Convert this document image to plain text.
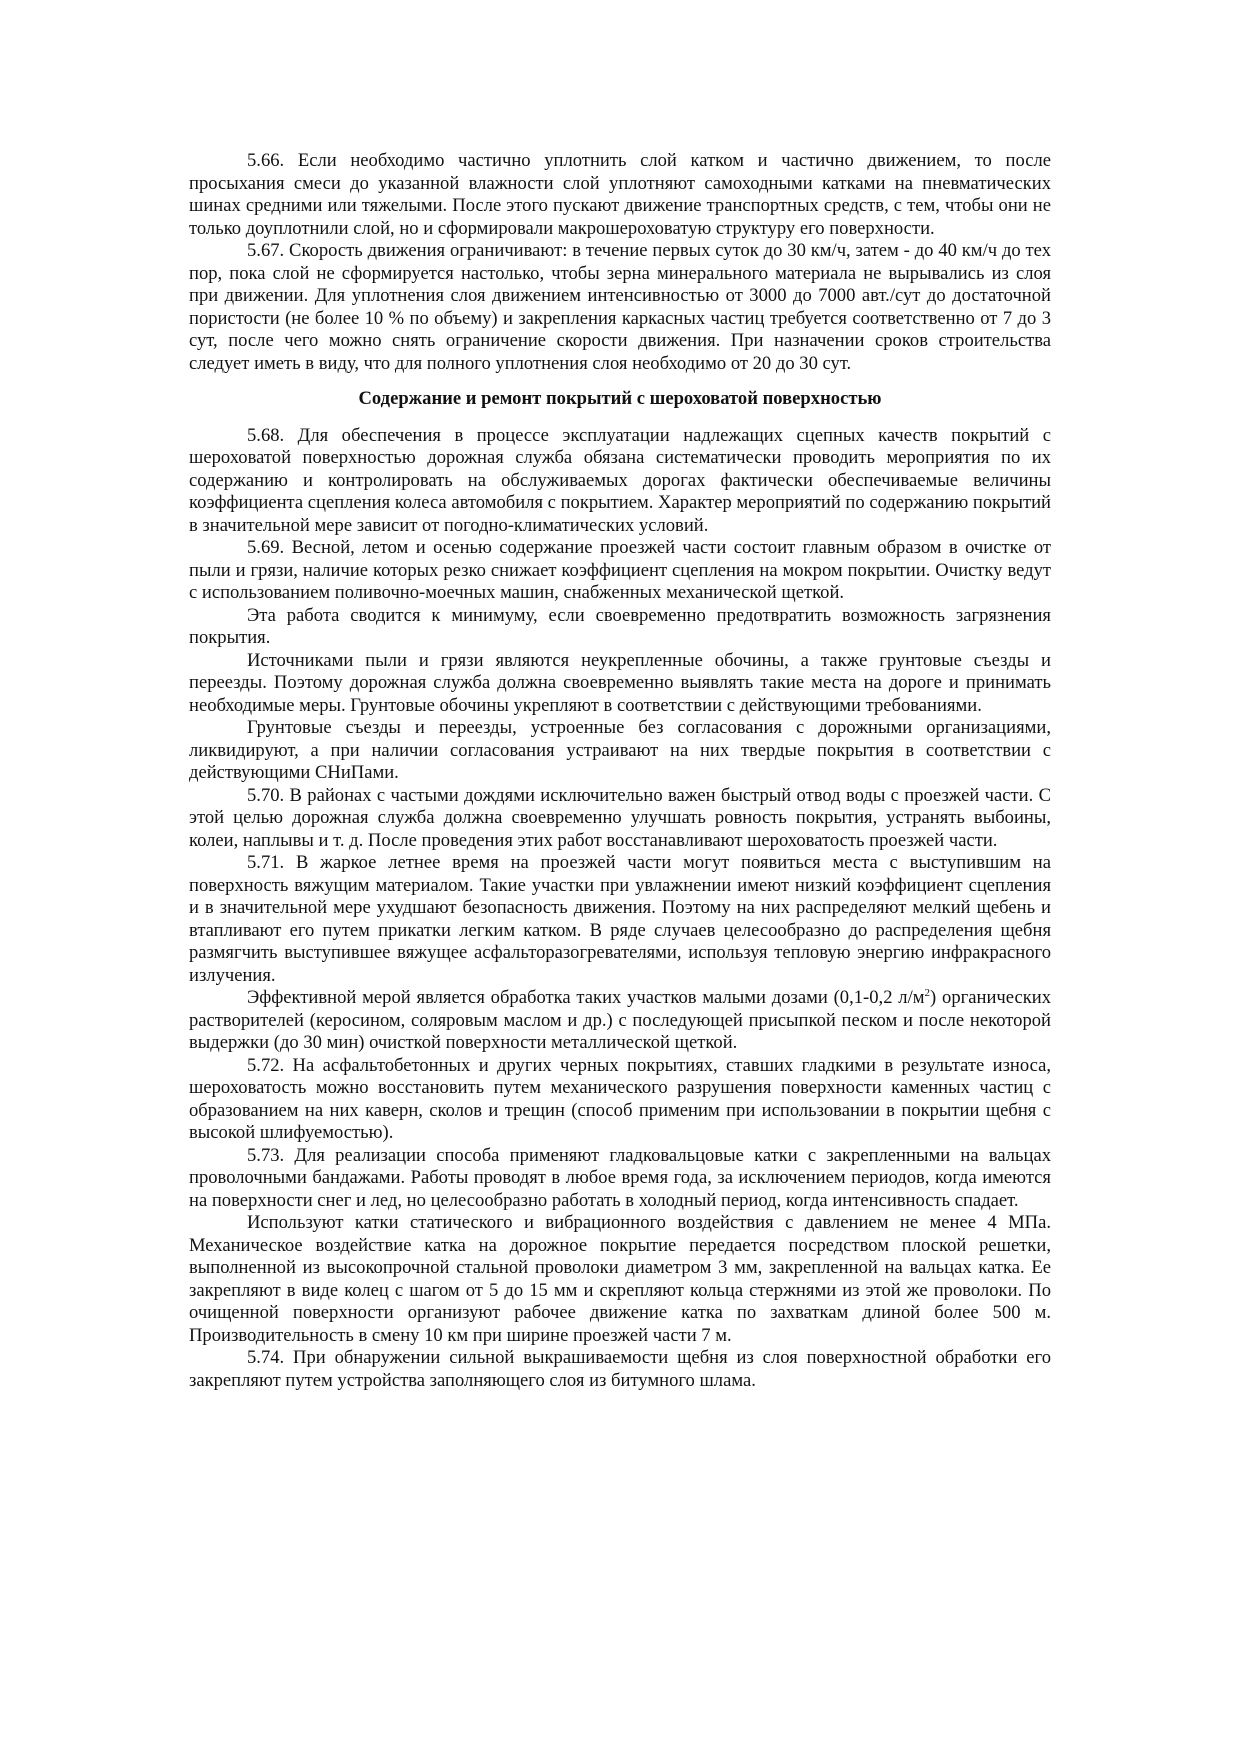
5.66. Если необходимо частично уплотнить слой катком и частично движением, то после просыхания смеси до указанной влажности слой уплотняют самоходными катками на пневматических шинах средними или тяжелыми. После этого пускают движение транспортных средств, с тем, чтобы они не только доуплотнили слой, но и сформировали макрошероховатую структуру его поверхности.

5.67. Скорость движения ограничивают: в течение первых суток до 30 км/ч, затем - до 40 км/ч до тех пор, пока слой не сформируется настолько, чтобы зерна минерального материала не вырывались из слоя при движении. Для уплотнения слоя движением интенсивностью от 3000 до 7000 авт./сут до достаточной пористости (не более 10 % по объему) и закрепления каркасных частиц требуется соответственно от 7 до 3 сут, после чего можно снять ограничение скорости движения. При назначении сроков строительства следует иметь в виду, что для полного уплотнения слоя необходимо от 20 до 30 сут.

Содержание и ремонт покрытий с шероховатой поверхностью

5.68. Для обеспечения в процессе эксплуатации надлежащих сцепных качеств покрытий с шероховатой поверхностью дорожная служба обязана систематически проводить мероприятия по их содержанию и контролировать на обслуживаемых дорогах фактически обеспечиваемые величины коэффициента сцепления колеса автомобиля с покрытием. Характер мероприятий по содержанию покрытий в значительной мере зависит от погодно-климатических условий.

5.69. Весной, летом и осенью содержание проезжей части состоит главным образом в очистке от пыли и грязи, наличие которых резко снижает коэффициент сцепления на мокром покрытии. Очистку ведут с использованием поливочно-моечных машин, снабженных механической щеткой.

Эта работа сводится к минимуму, если своевременно предотвратить возможность загрязнения покрытия.

Источниками пыли и грязи являются неукрепленные обочины, а также грунтовые съезды и переезды. Поэтому дорожная служба должна своевременно выявлять такие места на дороге и принимать необходимые меры. Грунтовые обочины укрепляют в соответствии с действующими требованиями.

Грунтовые съезды и переезды, устроенные без согласования с дорожными организациями, ликвидируют, а при наличии согласования устраивают на них твердые покрытия в соответствии с действующими СНиПами.

5.70. В районах с частыми дождями исключительно важен быстрый отвод воды с проезжей части. С этой целью дорожная служба должна своевременно улучшать ровность покрытия, устранять выбоины, колеи, наплывы и т. д. После проведения этих работ восстанавливают шероховатость проезжей части.

5.71. В жаркое летнее время на проезжей части могут появиться места с выступившим на поверхность вяжущим материалом. Такие участки при увлажнении имеют низкий коэффициент сцепления и в значительной мере ухудшают безопасность движения. Поэтому на них распределяют мелкий щебень и втапливают его путем прикатки легким катком. В ряде случаев целесообразно до распределения щебня размягчить выступившее вяжущее асфальторазогревателями, используя тепловую энергию инфракрасного излучения.

Эффективной мерой является обработка таких участков малыми дозами (0,1-0,2 $л/м^2$) органических растворителей (керосином, соляровым маслом и др.) с последующей присыпкой песком и после некоторой выдержки (до 30 мин) очисткой поверхности металлической щеткой.

5.72. На асфальтобетонных и других черных покрытиях, ставших гладкими в результате износа, шероховатость можно восстановить путем механического разрушения поверхности каменных частиц с образованием на них каверн, сколов и трещин (способ применим при использовании в покрытии щебня с высокой шлифуемостью).

5.73. Для реализации способа применяют гладковальцовые катки с закрепленными на вальцах проволочными бандажами. Работы проводят в любое время года, за исключением периодов, когда имеются на поверхности снег и лед, но целесообразно работать в холодный период, когда интенсивность спадает.

Используют катки статического и вибрационного воздействия с давлением не менее 4 МПа. Механическое воздействие катка на дорожное покрытие передается посредством плоской решетки, выполненной из высокопрочной стальной проволоки диаметром 3 мм, закрепленной на вальцах катка. Ее закрепляют в виде колец с шагом от 5 до 15 мм и скрепляют кольца стержнями из этой же проволоки. По очищенной поверхности организуют рабочее движение катка по захваткам длиной более 500 м. Производительность в смену 10 км при ширине проезжей части 7 м.

5.74. При обнаружении сильной выкрашиваемости щебня из слоя поверхностной обработки его закрепляют путем устройства заполняющего слоя из битумного шлама.
